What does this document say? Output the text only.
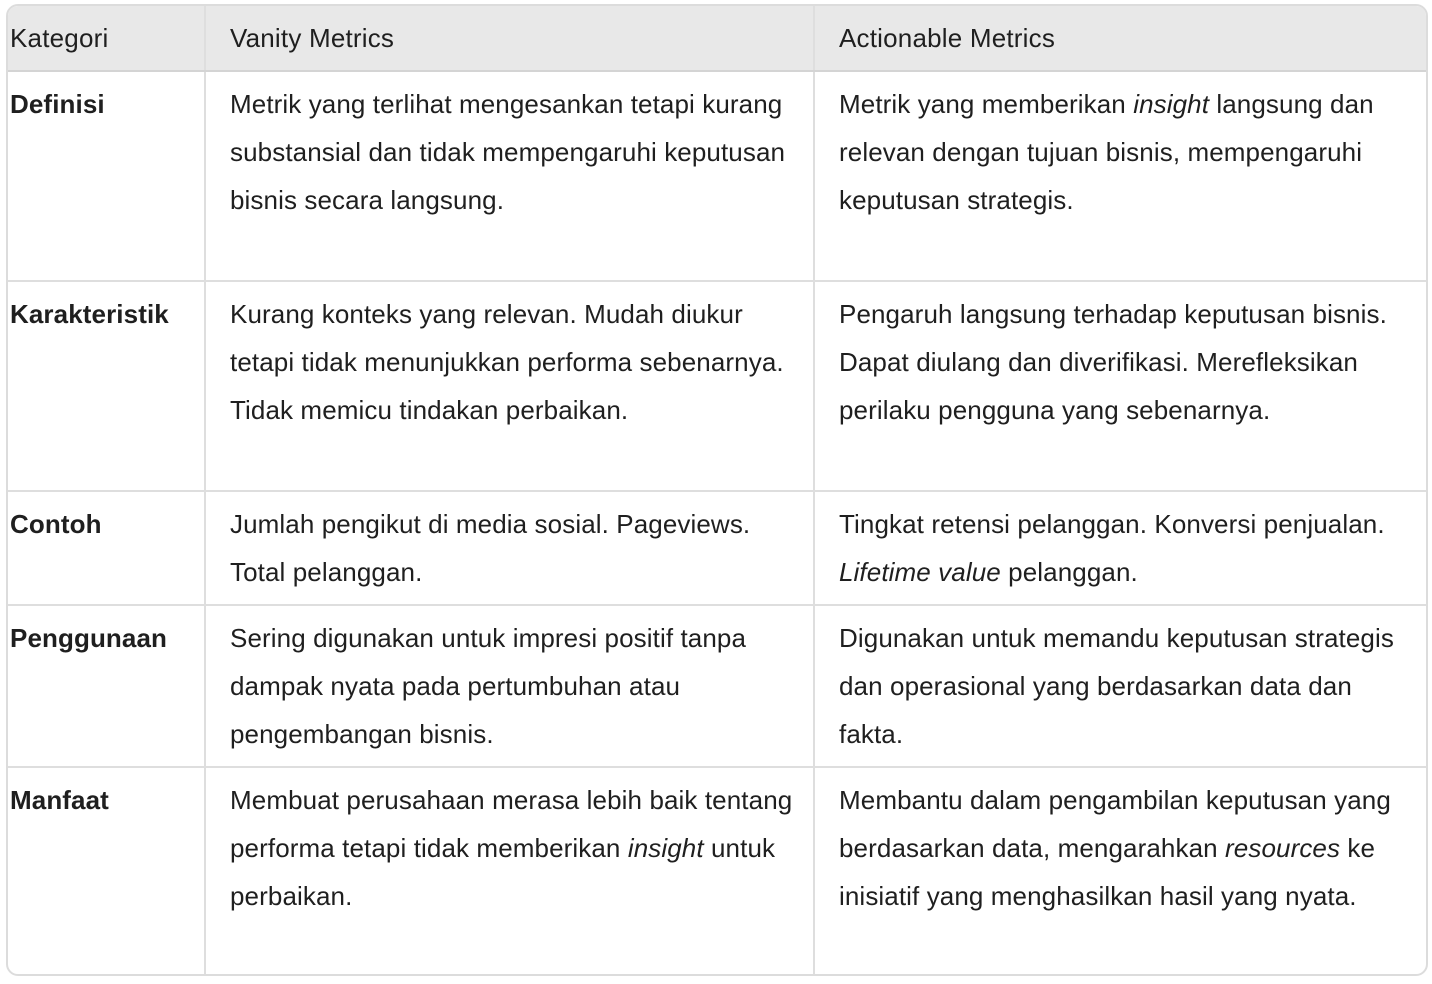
Kategori	Vanity Metrics	Actionable Metrics
Definisi	Metrik yang terlihat mengesankan tetapi kurang substansial dan tidak mempengaruhi keputusan bisnis secara langsung.	Metrik yang memberikan insight langsung dan relevan dengan tujuan bisnis, mempengaruhi keputusan strategis.
Karakteristik	Kurang konteks yang relevan. Mudah diukur tetapi tidak menunjukkan performa sebenarnya. Tidak memicu tindakan perbaikan.	Pengaruh langsung terhadap keputusan bisnis. Dapat diulang dan diverifikasi. Merefleksikan perilaku pengguna yang sebenarnya.
Contoh	Jumlah pengikut di media sosial. Pageviews. Total pelanggan.	Tingkat retensi pelanggan. Konversi penjualan. Lifetime value pelanggan.
Penggunaan	Sering digunakan untuk impresi positif tanpa dampak nyata pada pertumbuhan atau pengembangan bisnis.	Digunakan untuk memandu keputusan strategis dan operasional yang berdasarkan data dan fakta.
Manfaat	Membuat perusahaan merasa lebih baik tentang performa tetapi tidak memberikan insight untuk perbaikan.	Membantu dalam pengambilan keputusan yang berdasarkan data, mengarahkan resources ke inisiatif yang menghasilkan hasil yang nyata.
